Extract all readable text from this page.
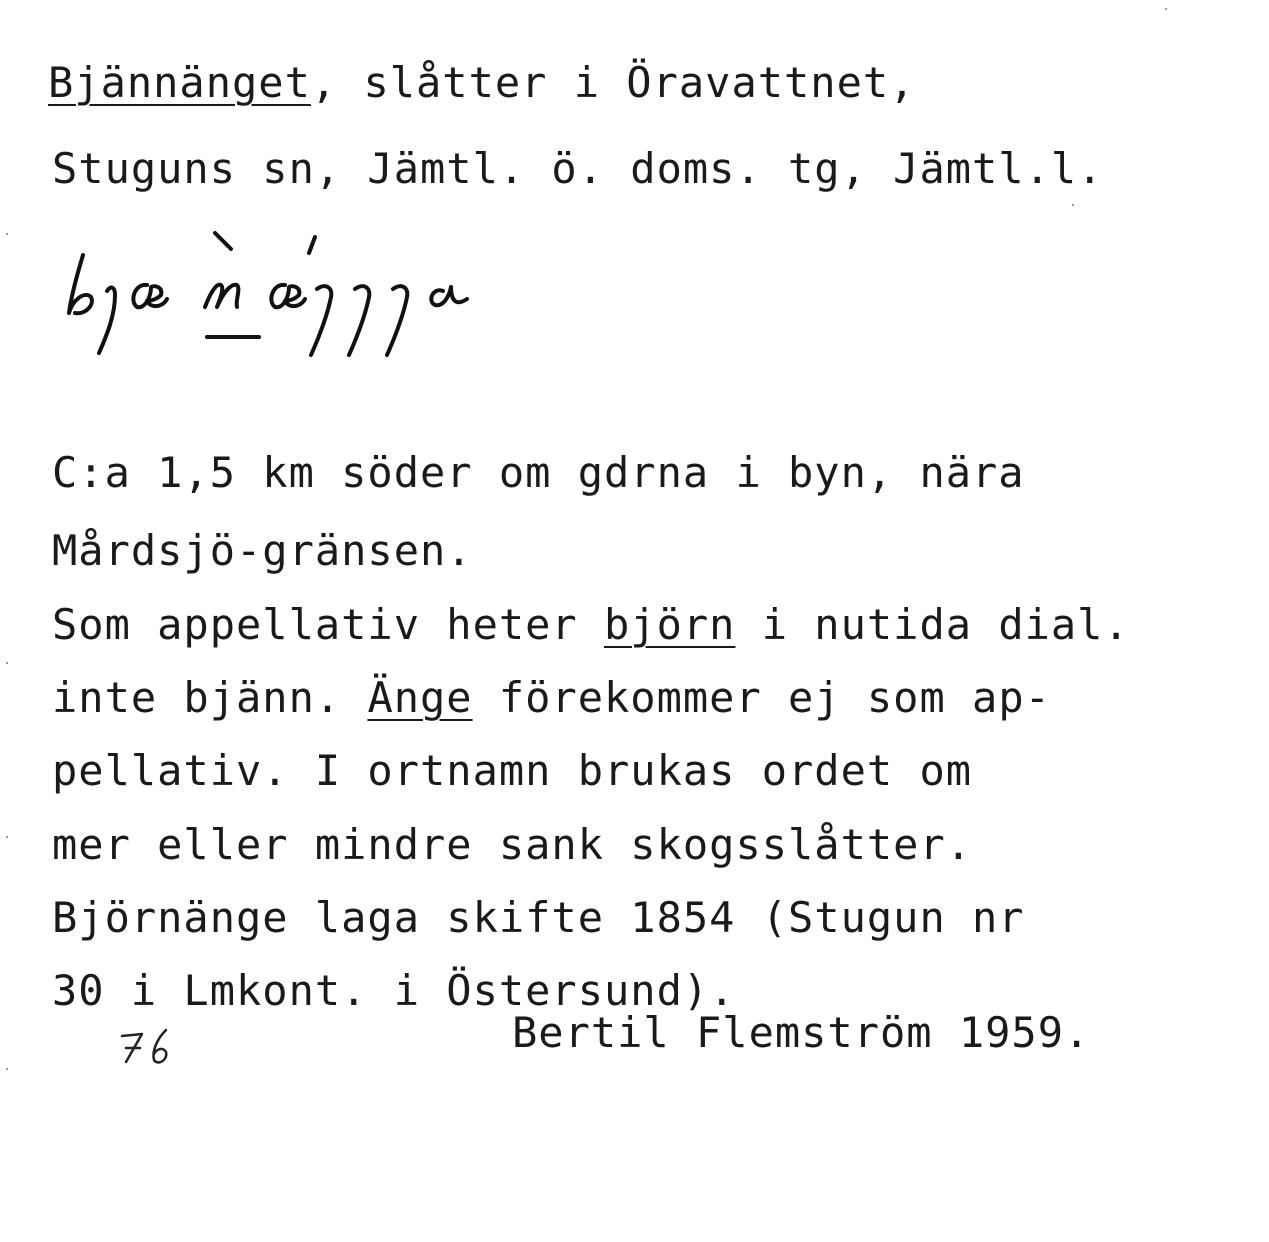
Bjännänget, slåtter i Öravattnet,
Stuguns sn, Jämtl. ö. doms. tg, Jämtl.l.
C:a 1,5 km söder om gdrna i byn, nära
Mårdsjö-gränsen.
Som appellativ heter björn i nutida dial.
inte bjänn. Änge förekommer ej som ap-
pellativ. I ortnamn brukas ordet om
mer eller mindre sank skogsslåtter.
Björnänge laga skifte 1854 (Stugun nr
30 i Lmkont. i Östersund).
Bertil Flemström 1959.
